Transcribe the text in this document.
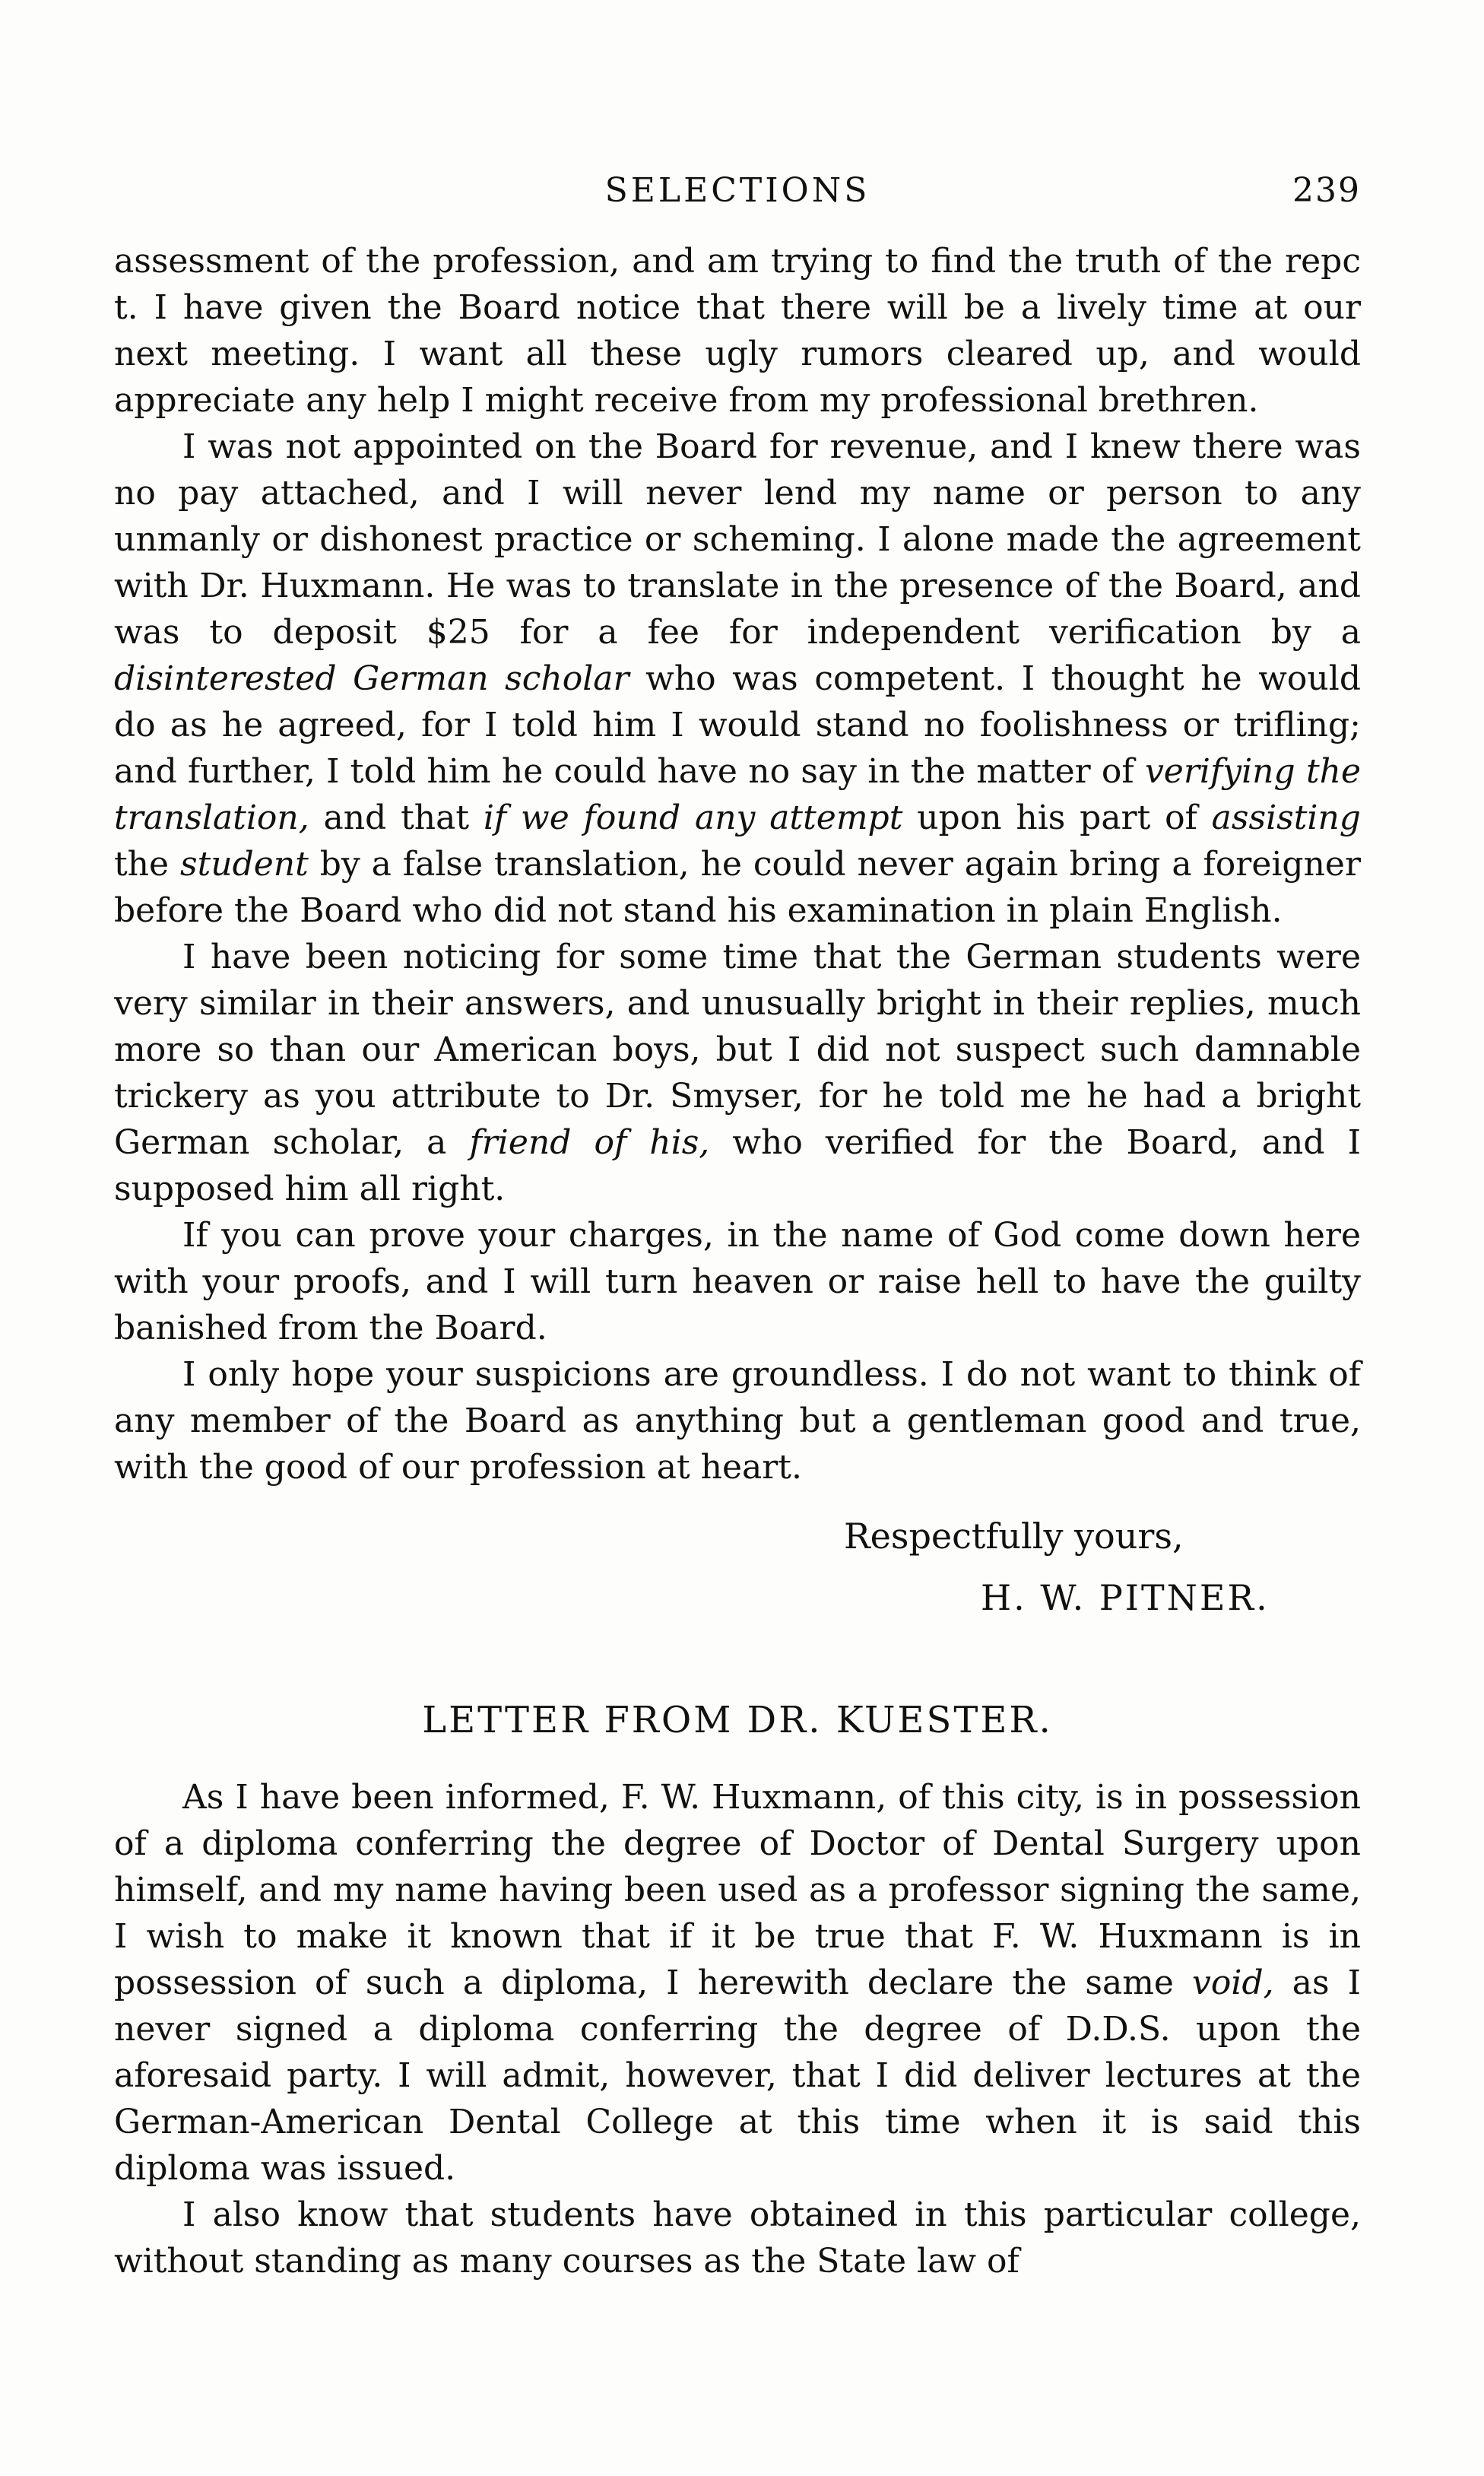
SELECTIONS	239

assessment of the profession, and am trying to find the truth of the repc t. I have given the Board notice that there will be a lively time at our next meeting. I want all these ugly rumors cleared up, and would appreciate any help I might receive from my professional brethren.

I was not appointed on the Board for revenue, and I knew there was no pay attached, and I will never lend my name or person to any unmanly or dishonest practice or scheming. I alone made the agreement with Dr. Huxmann. He was to translate in the presence of the Board, and was to deposit $25 for a fee for independent verification by a disinterested German scholar who was competent. I thought he would do as he agreed, for I told him I would stand no foolishness or trifling; and further, I told him he could have no say in the matter of verifying the translation, and that if we found any attempt upon his part of assisting the student by a false translation, he could never again bring a foreigner before the Board who did not stand his examination in plain English.

I have been noticing for some time that the German students were very similar in their answers, and unusually bright in their replies, much more so than our American boys, but I did not suspect such damnable trickery as you attribute to Dr. Smyser, for he told me he had a bright German scholar, a friend of his, who verified for the Board, and I supposed him all right.

If you can prove your charges, in the name of God come down here with your proofs, and I will turn heaven or raise hell to have the guilty banished from the Board.

I only hope your suspicions are groundless. I do not want to think of any member of the Board as anything but a gentleman good and true, with the good of our profession at heart.

Respectfully yours,
H. W. PITNER.
LETTER FROM DR. KUESTER.

As I have been informed, F. W. Huxmann, of this city, is in possession of a diploma conferring the degree of Doctor of Dental Surgery upon himself, and my name having been used as a professor signing the same, I wish to make it known that if it be true that F. W. Huxmann is in possession of such a diploma, I herewith declare the same void, as I never signed a diploma conferring the degree of D.D.S. upon the aforesaid party. I will admit, however, that I did deliver lectures at the German-American Dental College at this time when it is said this diploma was issued.

I also know that students have obtained in this particular college, without standing as many courses as the State law of
